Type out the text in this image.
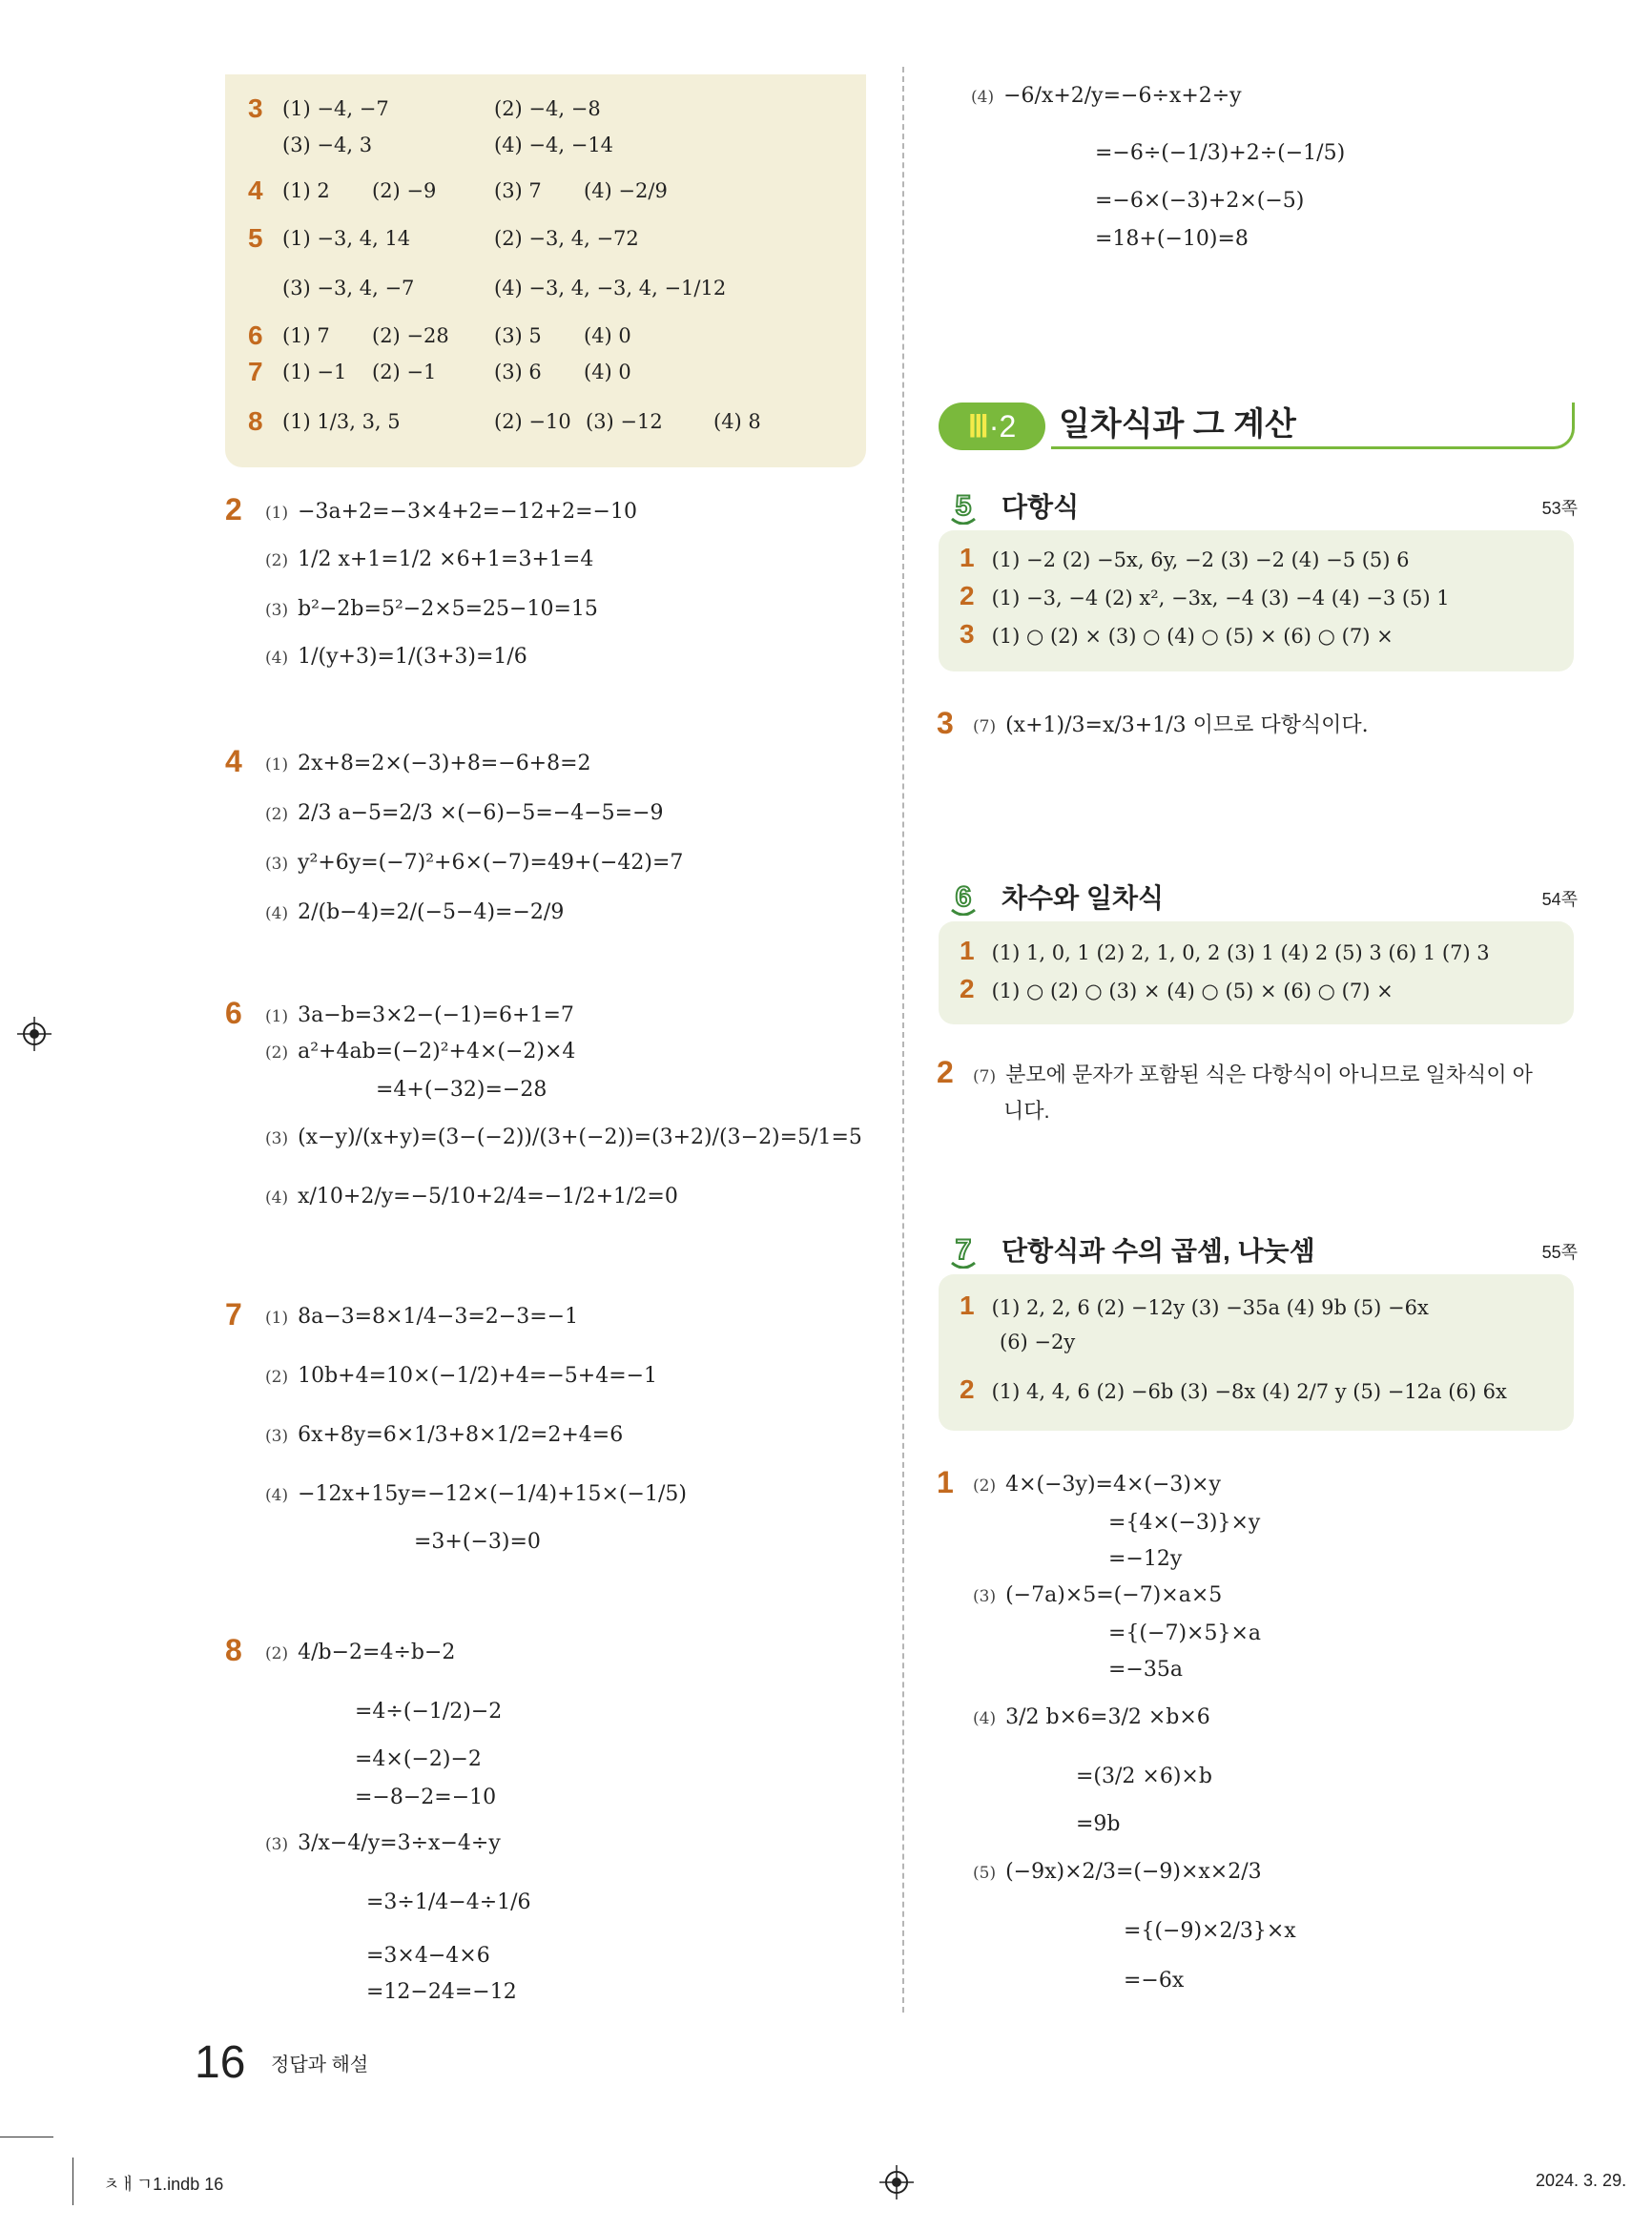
3 (1) −4, −7	(2) −4, −8
(3) −4, 3	(4) −4, −14
4 (1) 2 (2) −9	(3) 7 (4) −2/9
5 (1) −3, 4, 14	(2) −3, 4, −72
(3) −3, 4, −7	(4) −3, 4, −3, 4, −1/12
6 (1) 7 (2) −28 (3) 5 (4) 0
7 (1) −1 (2) −1	(3) 6 (4) 0
8 (1) 1/3, 3, 5	(2) −10 (3) −12	(4) 8
2 (1) −3a+2=−3×4+2=−12+2=−10
(2) 1/2 x+1=1/2 ×6+1=3+1=4
(3) b²−2b=5²−2×5=25−10=15
(4) 1/(y+3)=1/(3+3)=1/6
4 (1) 2x+8=2×(−3)+8=−6+8=2
(2) 2/3 a−5=2/3 ×(−6)−5=−4−5=−9
(3) y²+6y=(−7)²+6×(−7)=49+(−42)=7
(4) 2/(b−4)=2/(−5−4)=−2/9
6 (1) 3a−b=3×2−(−1)=6+1=7
(2) a²+4ab=(−2)²+4×(−2)×4
=4+(−32)=−28
(3) (x−y)/(x+y)=(3−(−2))/(3+(−2))=(3+2)/(3−2)=5/1=5
(4) x/10+2/y=−5/10+2/4=−1/2+1/2=0
7 (1) 8a−3=8×1/4−3=2−3=−1
(2) 10b+4=10×(−1/2)+4=−5+4=−1
(3) 6x+8y=6×1/3+8×1/2=2+4=6
(4) −12x+15y=−12×(−1/4)+15×(−1/5)
=3+(−3)=0
8 (2) 4/b−2=4÷b−2
=4÷(−1/2)−2
=4×(−2)−2
=−8−2=−10
(3) 3/x−4/y=3÷x−4÷y
=3÷1/4−4÷1/6
=3×4−4×6
=12−24=−12
(4) −6/x+2/y=−6÷x+2÷y
=−6÷(−1/3)+2÷(−1/5)
=−6×(−3)+2×(−5)
=18+(−10)=8
Ⅲ·2	일차식과 그 계산
5 다항식	53쪽
1 (1) −2 (2) −5x, 6y, −2 (3) −2 (4) −5 (5) 6
2 (1) −3, −4 (2) x², −3x, −4 (3) −4 (4) −3 (5) 1
3 (1) ○ (2) × (3) ○ (4) ○ (5) × (6) ○ (7) ×
3 (7) (x+1)/3=x/3+1/3 이므로 다항식이다.
6 차수와 일차식	54쪽
1 (1) 1, 0, 1 (2) 2, 1, 0, 2 (3) 1 (4) 2 (5) 3 (6) 1 (7) 3
2 (1) ○ (2) ○ (3) × (4) ○ (5) × (6) ○ (7) ×
2 (7) 분모에 문자가 포함된 식은 다항식이 아니므로 일차식이 아
니다.
7 단항식과 수의 곱셈, 나눗셈	55쪽
1 (1) 2, 2, 6 (2) −12y (3) −35a (4) 9b (5) −6x
(6) −2y
2 (1) 4, 4, 6 (2) −6b (3) −8x (4) 2/7 y (5) −12a (6) 6x
1 (2) 4×(−3y)=4×(−3)×y
={4×(−3)}×y
=−12y
(3) (−7a)×5=(−7)×a×5
={(−7)×5}×a
=−35a
(4) 3/2 b×6=3/2 ×b×6
=(3/2 ×6)×b
=9b
(5) (−9x)×2/3=(−9)×x×2/3
={(−9)×2/3}×x
=−6x
16 정답과 해설
ㅊㅐㄱ1.indb 16	2024. 3. 29.
